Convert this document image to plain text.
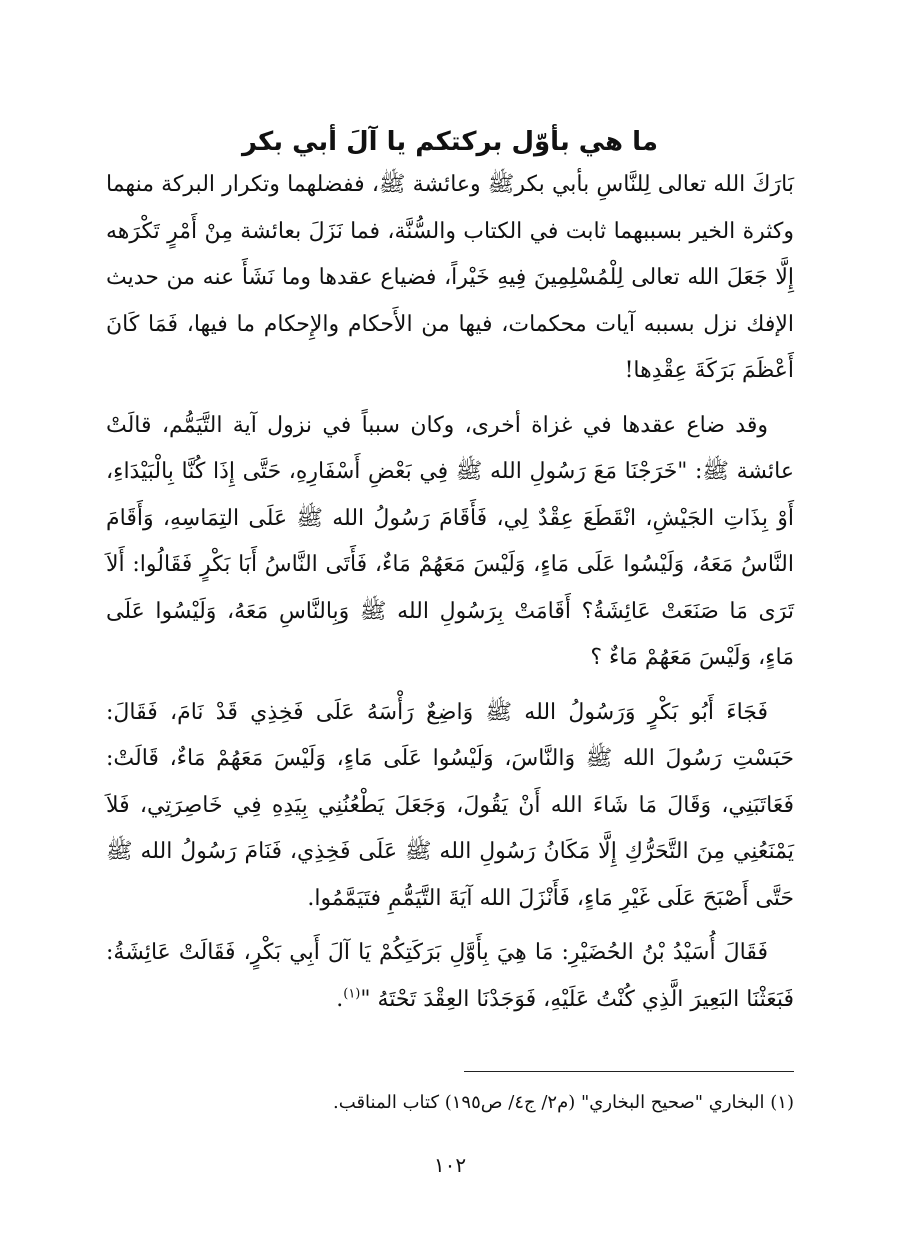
ما هي بأوّل بركتكم يا آلَ أبي بكر

بَارَكَ الله تعالى لِلنَّاسِ بأبي بكرﷺ وعائشة ﷺ، ففضلهما وتكرار البركة منهما وكثرة الخير بسببهما ثابت في الكتاب والسُّنَّة، فما نَزَلَ بعائشة مِنْ أَمْرٍ تَكْرَهه إِلَّا جَعَلَ الله تعالى لِلْمُسْلِمِينَ فِيهِ خَيْراً، فضياع عقدها وما نَشَأَ عنه من حديث الإفك نزل بسببه آيات محكمات، فيها من الأَحكام والإِحكام ما فيها، فَمَا كَانَ أَعْظَمَ بَرَكَةَ عِقْدِها!

وقد ضاع عقدها في غزاة أخرى، وكان سبباً في نزول آية التَّيَمُّم، قالَتْ عائشة ﷺ: "خَرَجْنَا مَعَ رَسُولِ الله ﷺ فِي بَعْضِ أَسْفَارِهِ، حَتَّى إِذَا كُنَّا بِالْبَيْدَاءِ، أَوْ بِذَاتِ الجَيْشِ، انْقَطَعَ عِقْدٌ لِي، فَأَقَامَ رَسُولُ الله ﷺ عَلَى التِمَاسِهِ، وَأَقَامَ النَّاسُ مَعَهُ، وَلَيْسُوا عَلَى مَاءٍ، وَلَيْسَ مَعَهُمْ مَاءٌ، فَأَتَى النَّاسُ أَبَا بَكْرٍ فَقَالُوا: أَلاَ تَرَى مَا صَنَعَتْ عَائِشَةُ؟ أَقَامَتْ بِرَسُولِ الله ﷺ وَبِالنَّاسِ مَعَهُ، وَلَيْسُوا عَلَى مَاءٍ، وَلَيْسَ مَعَهُمْ مَاءٌ ؟

فَجَاءَ أَبُو بَكْرٍ وَرَسُولُ الله ﷺ وَاضِعٌ رَأْسَهُ عَلَى فَخِذِي قَدْ نَامَ، فَقَالَ: حَبَسْتِ رَسُولَ الله ﷺ وَالنَّاسَ، وَلَيْسُوا عَلَى مَاءٍ، وَلَيْسَ مَعَهُمْ مَاءٌ، قَالَتْ: فَعَاتَبَنِي، وَقَالَ مَا شَاءَ الله أَنْ يَقُولَ، وَجَعَلَ يَطْعُنُنِي بِيَدِهِ فِي خَاصِرَتِي، فَلاَ يَمْنَعُنِي مِنَ التَّحَرُّكِ إِلَّا مَكَانُ رَسُولِ الله ﷺ عَلَى فَخِذِي، فَنَامَ رَسُولُ الله ﷺ حَتَّى أَصْبَحَ عَلَى غَيْرِ مَاءٍ، فَأَنْزَلَ الله آيَةَ التَّيَمُّمِ فتَيَمَّمُوا.

فَقَالَ أُسَيْدُ بْنُ الحُضَيْرِ: مَا هِيَ بِأَوَّلِ بَرَكَتِكُمْ يَا آلَ أَبِي بَكْرٍ، فَقَالَتْ عَائِشَةُ: فَبَعَثْنَا البَعِيرَ الَّذِي كُنْتُ عَلَيْهِ، فَوَجَدْنَا العِقْدَ تَحْتَهُ "$^{(١)}$.

(١) البخاري "صحيح البخاري" (م٢/ ج٤/ ص١٩٥) كتاب المناقب.
١٠٢
